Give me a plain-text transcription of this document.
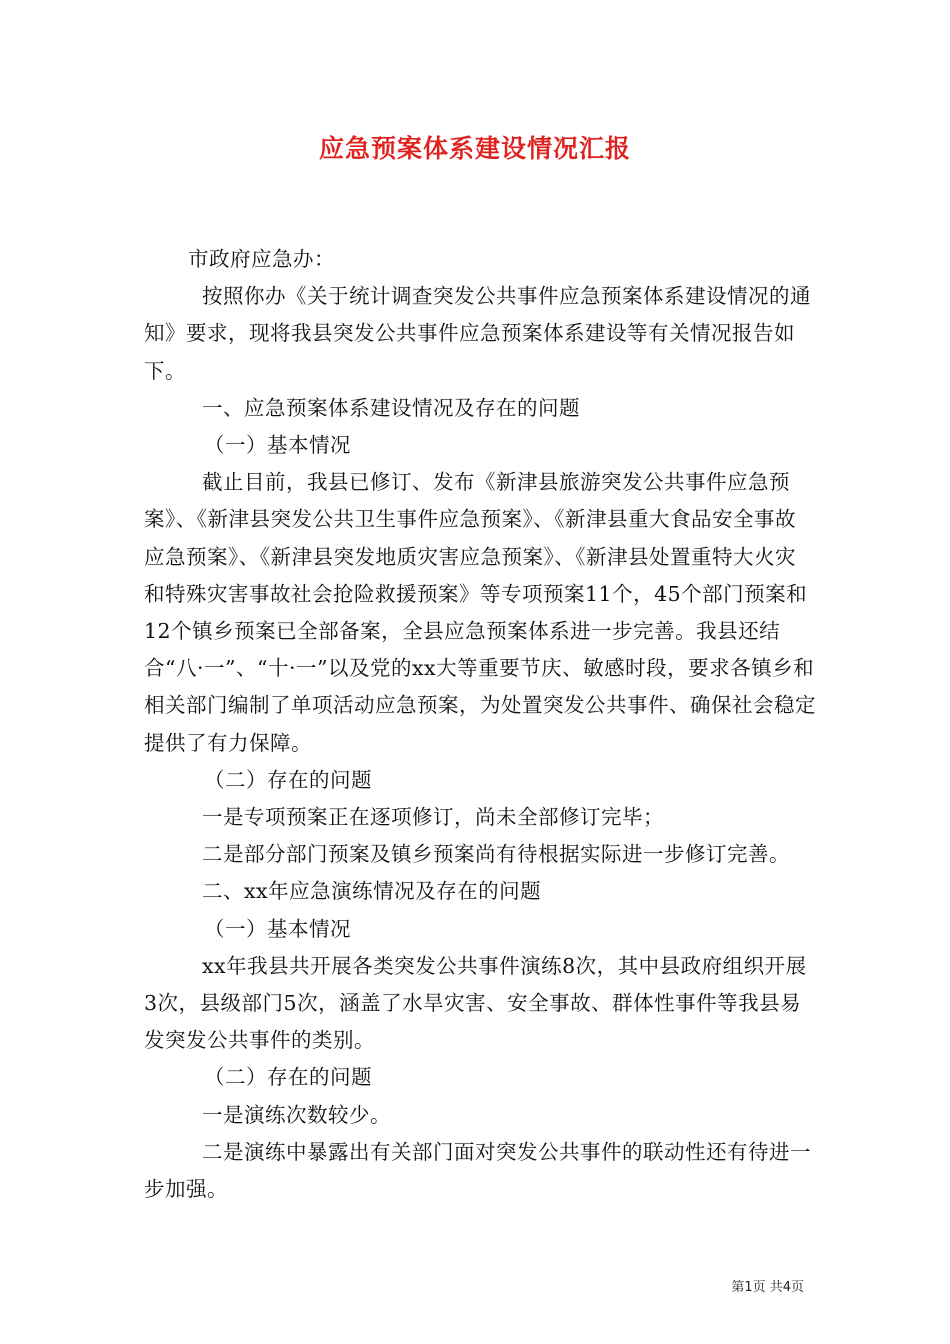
应急预案体系建设情况汇报

市政府应急办：

按照你办《关于统计调查突发公共事件应急预案体系建设情况的通知》要求，现将我县突发公共事件应急预案体系建设等有关情况报告如下。

一、应急预案体系建设情况及存在的问题

（一）基本情况

截止目前，我县已修订、发布《新津县旅游突发公共事件应急预案》、《新津县突发公共卫生事件应急预案》、《新津县重大食品安全事故应急预案》、《新津县突发地质灾害应急预案》、《新津县处置重特大火灾和特殊灾害事故社会抢险救援预案》等专项预案11个，45个部门预案和12个镇乡预案已全部备案，全县应急预案体系进一步完善。我县还结合“八·一”、“十·一”以及党的xx大等重要节庆、敏感时段，要求各镇乡和相关部门编制了单项活动应急预案，为处置突发公共事件、确保社会稳定提供了有力保障。

（二）存在的问题

一是专项预案正在逐项修订，尚未全部修订完毕；

二是部分部门预案及镇乡预案尚有待根据实际进一步修订完善。

二、xx年应急演练情况及存在的问题

（一）基本情况

xx年我县共开展各类突发公共事件演练8次，其中县政府组织开展3次，县级部门5次，涵盖了水旱灾害、安全事故、群体性事件等我县易发突发公共事件的类别。

（二）存在的问题

一是演练次数较少。

二是演练中暴露出有关部门面对突发公共事件的联动性还有待进一步加强。

第1页 共4页
